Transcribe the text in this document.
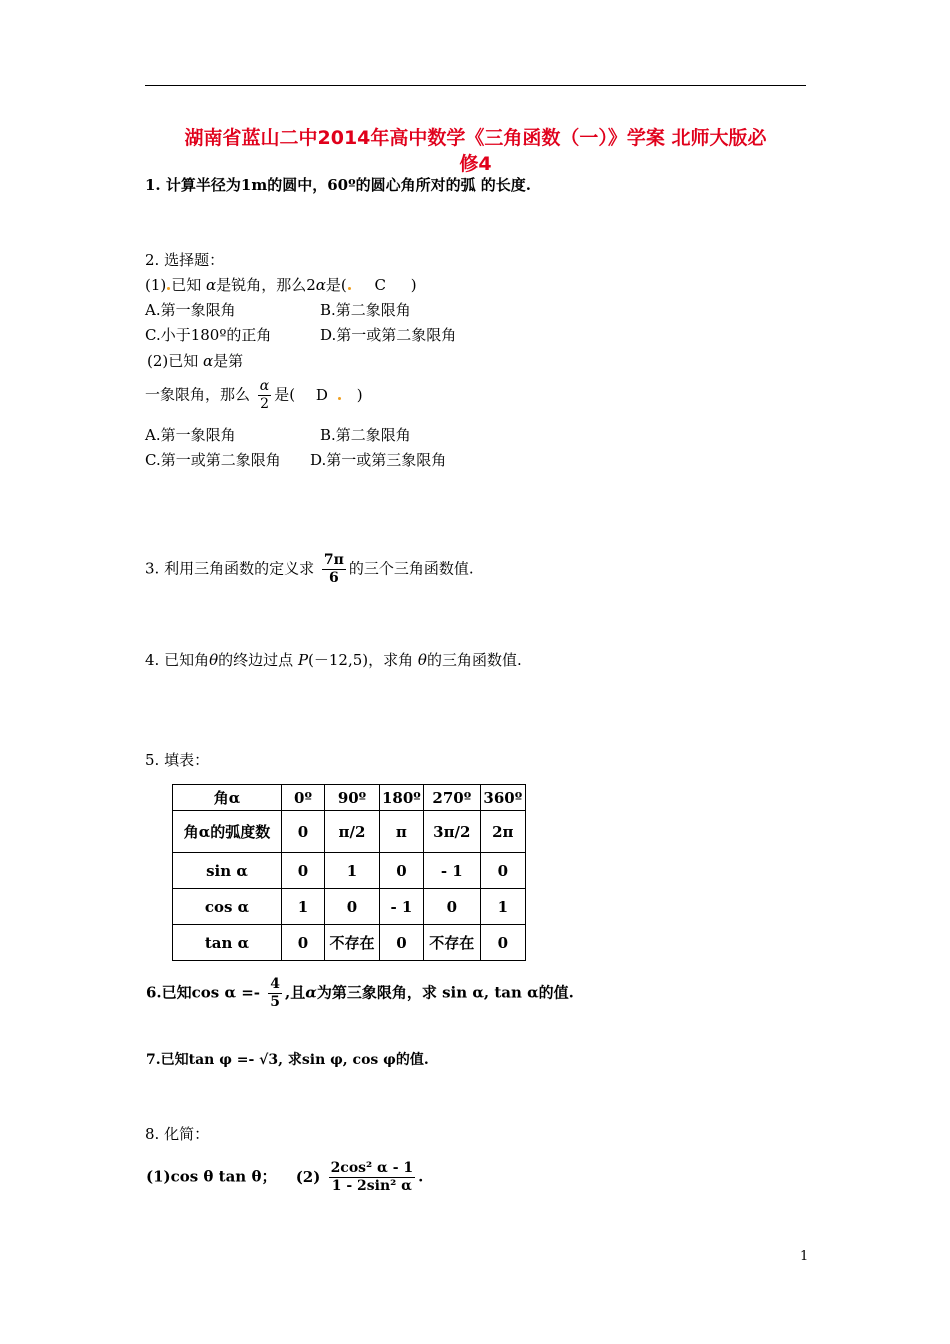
湖南省蓝山二中2014年高中数学《三角函数（一）》学案 北师大版必
修4
1. 计算半径为1m的圆中，60º的圆心角所对的弧 的长度.
2. 选择题：
(1) 已知 α是锐角，那么2α是( C )
A.第一象限角	B.第二象限角
C.小于180º的正角	D.第一或第二象限角
(2)已知 α是第
一象限角，那么 $\frac{\alpha}{2}$ 是( D )
A.第一象限角	B.第二象限角
C.第一或第二象限角 D.第一或第三象限角
3. 利用三角函数的定义求 $\frac{7\pi}{6}$ 的三个三角函数值.
4. 已知角θ的终边过点 P(－12,5)，求角 θ的三角函数值.
5. 填表：
角α	0º	90º	180º	270º	360º
角α的弧度数	0	π/2	π	3π/2	2π
sin α	0	1	0	- 1	0
cos α	1	0	- 1	0	1
tan α	0	不存在	0	不存在	0
6.已知$\cos \alpha =- \frac{4}{5}$ ,且α为第三象限角，求 sin α, tan α的值.
7.已知tan φ =- √3, 求sin φ, cos φ的值.
8. 化简：
(1)cos θ tan θ； $(2) \frac{\text{2cos² α - 1}}{\text{1 - 2sin² α}}$ .
1
